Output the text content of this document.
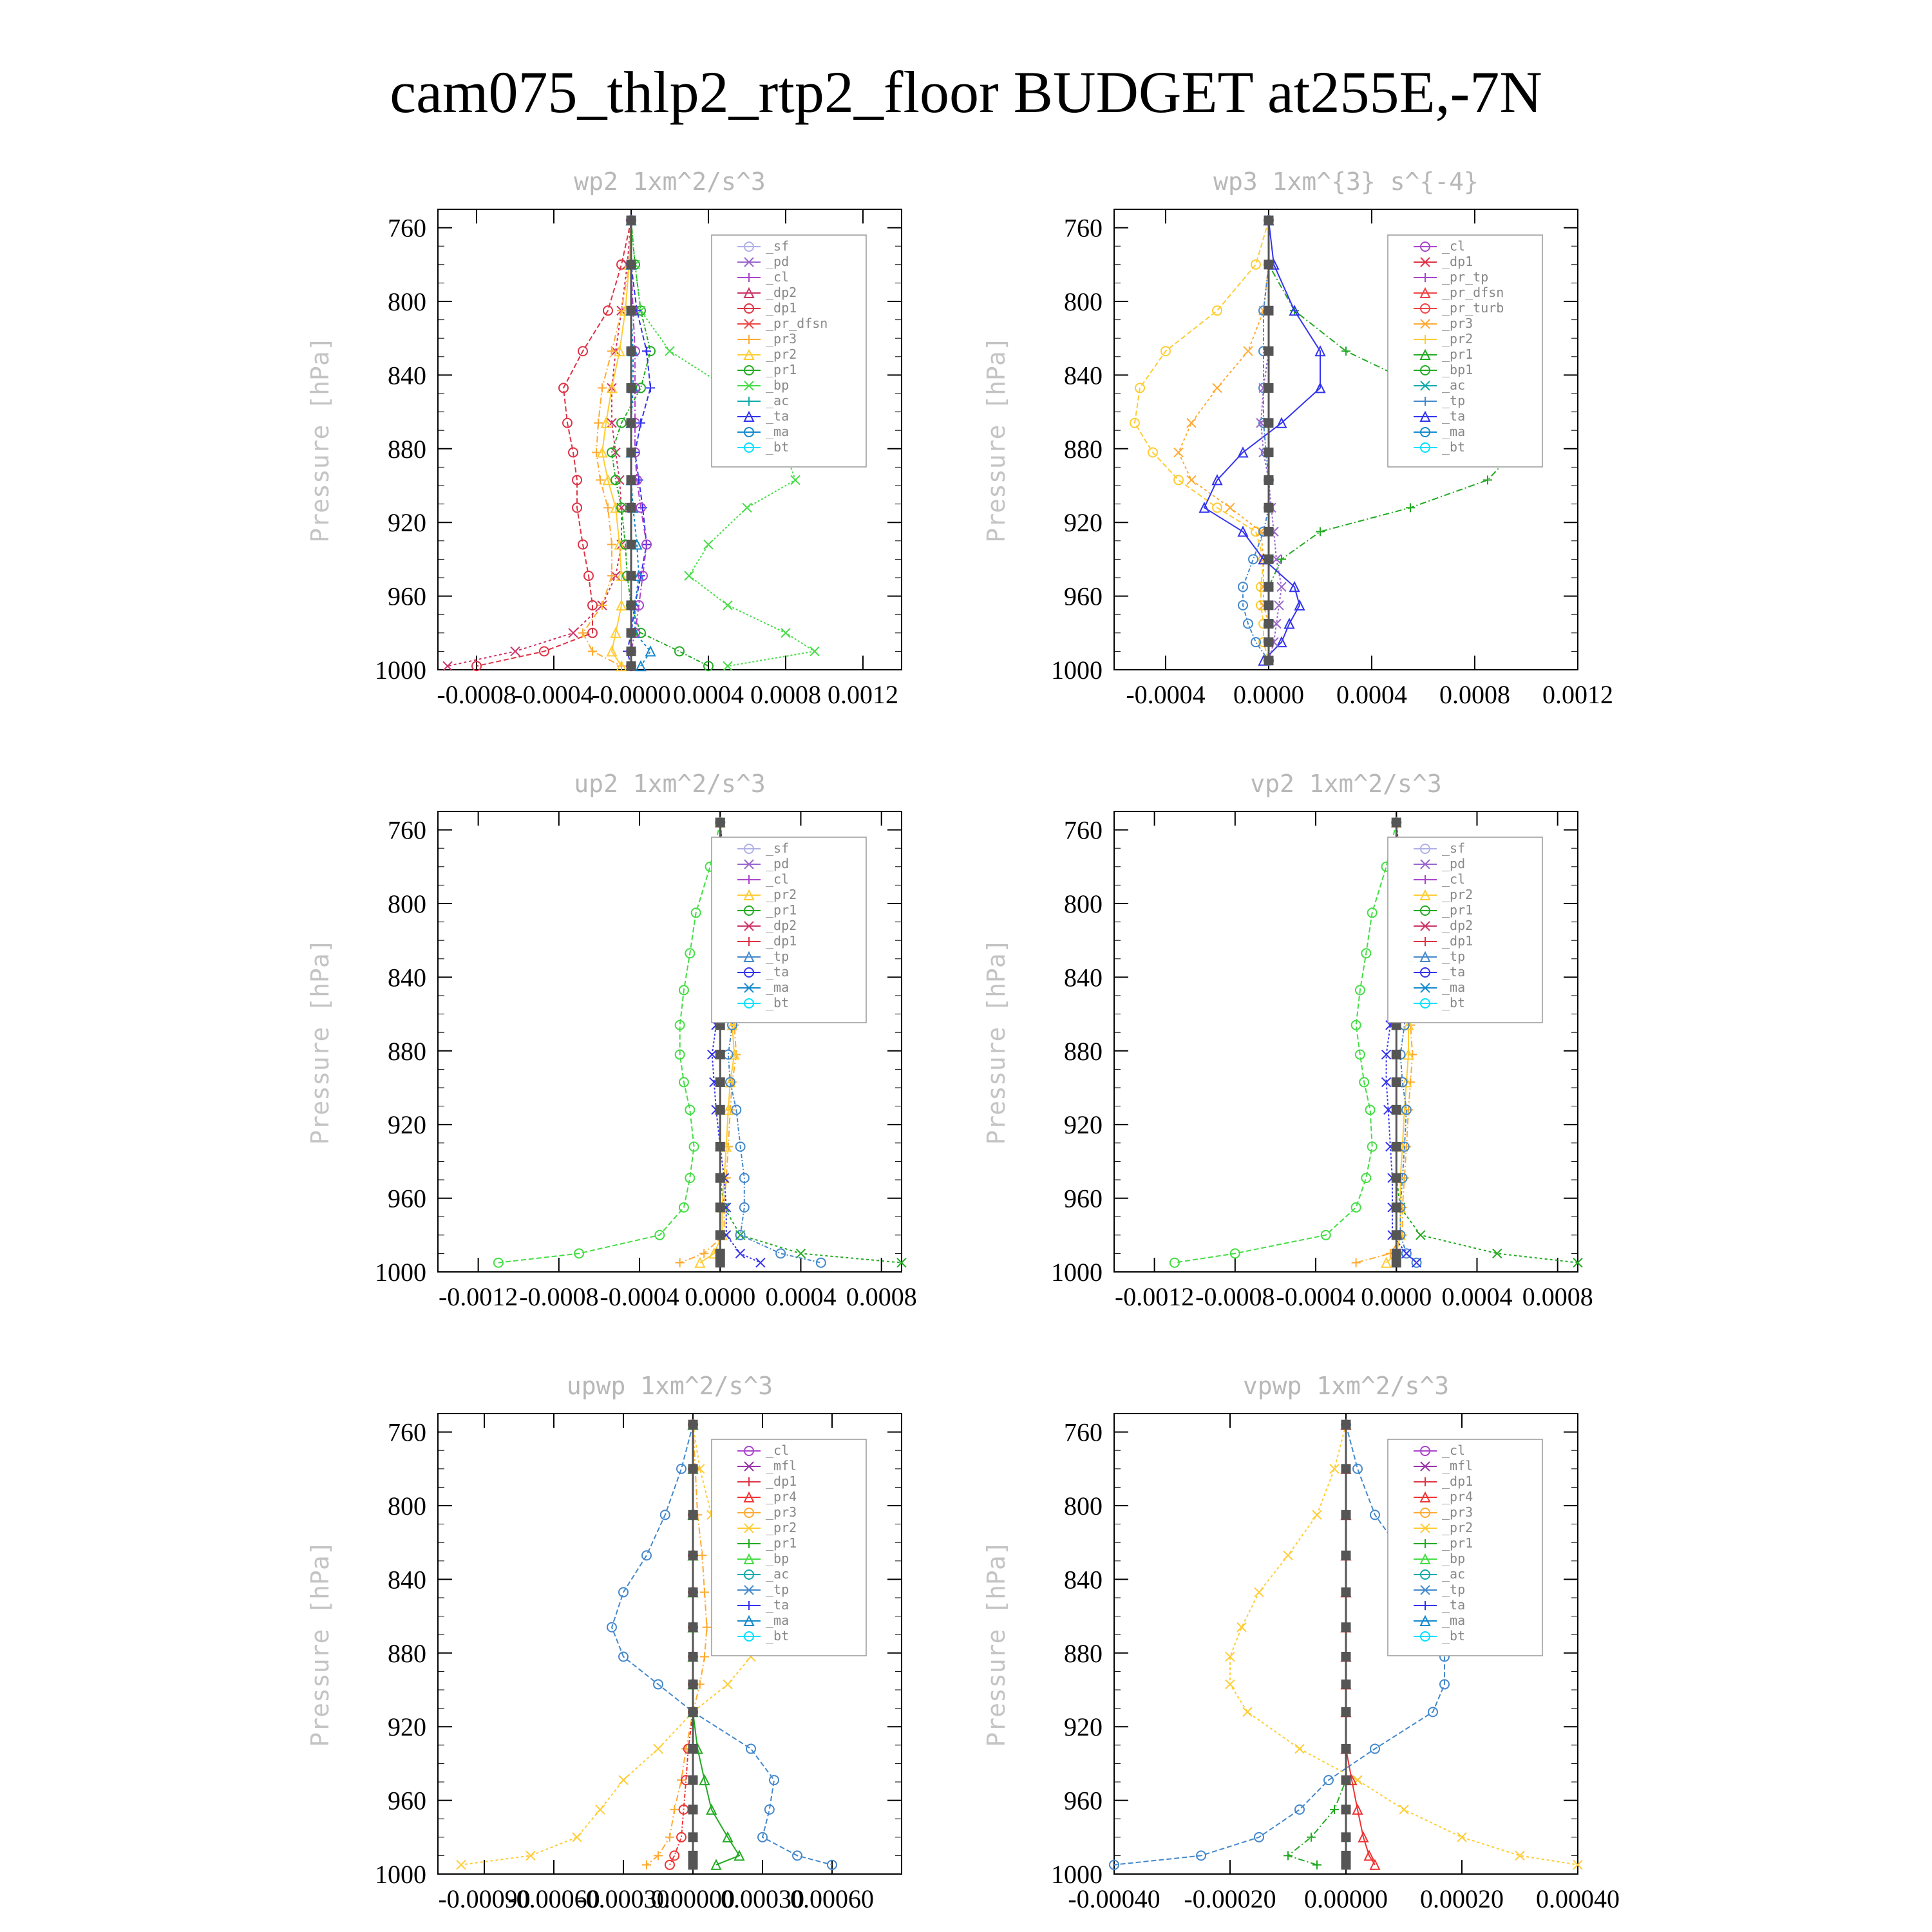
cam075_thlp2_rtp2_floor BUDGET at255E,-7N
wp2 1xm^2/s^3
Pressure [hPa]
760
800
840
880
920
960
1000
-0.0008
-0.0004
-0.0000 0.0004 0.0008 0.0012
_sf
_pd
_cl
_dp2
_dp1
_pr_dfsn
_pr3
_pr2
_pr1
_bp
_ac
_ta
_ma
_bt
wp3 1xm^{3} s^{-4}
Pressure [hPa]
760
800
840
880
920
960
1000
-0.0004 0.0000 0.0004 0.0008 0.0012
_cl
_dp1
_pr_tp
_pr_dfsn
_pr_turb
_pr3
_pr2
_pr1
_bp1
_ac
_tp
_ta
_ma
_bt
up2 1xm^2/s^3
Pressure [hPa]
760
800
840
880
920
960
1000
-0.0012 -0.0008 -0.0004 0.0000 0.0004 0.0008
_sf
_pd
_cl
_pr2
_pr1
_dp2
_dp1
_tp
_ta
_ma
_bt
vp2 1xm^2/s^3
Pressure [hPa]
760
800
840
880
920
960
1000
-0.0012 -0.0008 -0.0004 0.0000 0.0004 0.0008
_sf
_pd
_cl
_pr2
_pr1
_dp2
_dp1
_tp
_ta
_ma
_bt
upwp 1xm^2/s^3
Pressure [hPa]
760
800
840
880
920
960
1000
-0.00090
-0.00060
-0.00030
0.00000
0.00030
0.00060
_cl
_mfl
_dp1
_pr4
_pr3
_pr2
_pr1
_bp
_ac
_tp
_ta
_ma
_bt
vpwp 1xm^2/s^3
Pressure [hPa]
760
800
840
880
920
960
1000
-0.00040 -0.00020 0.00000 0.00020 0.00040
_cl
_mfl
_dp1
_pr4
_pr3
_pr2
_pr1
_bp
_ac
_tp
_ta
_ma
_bt
